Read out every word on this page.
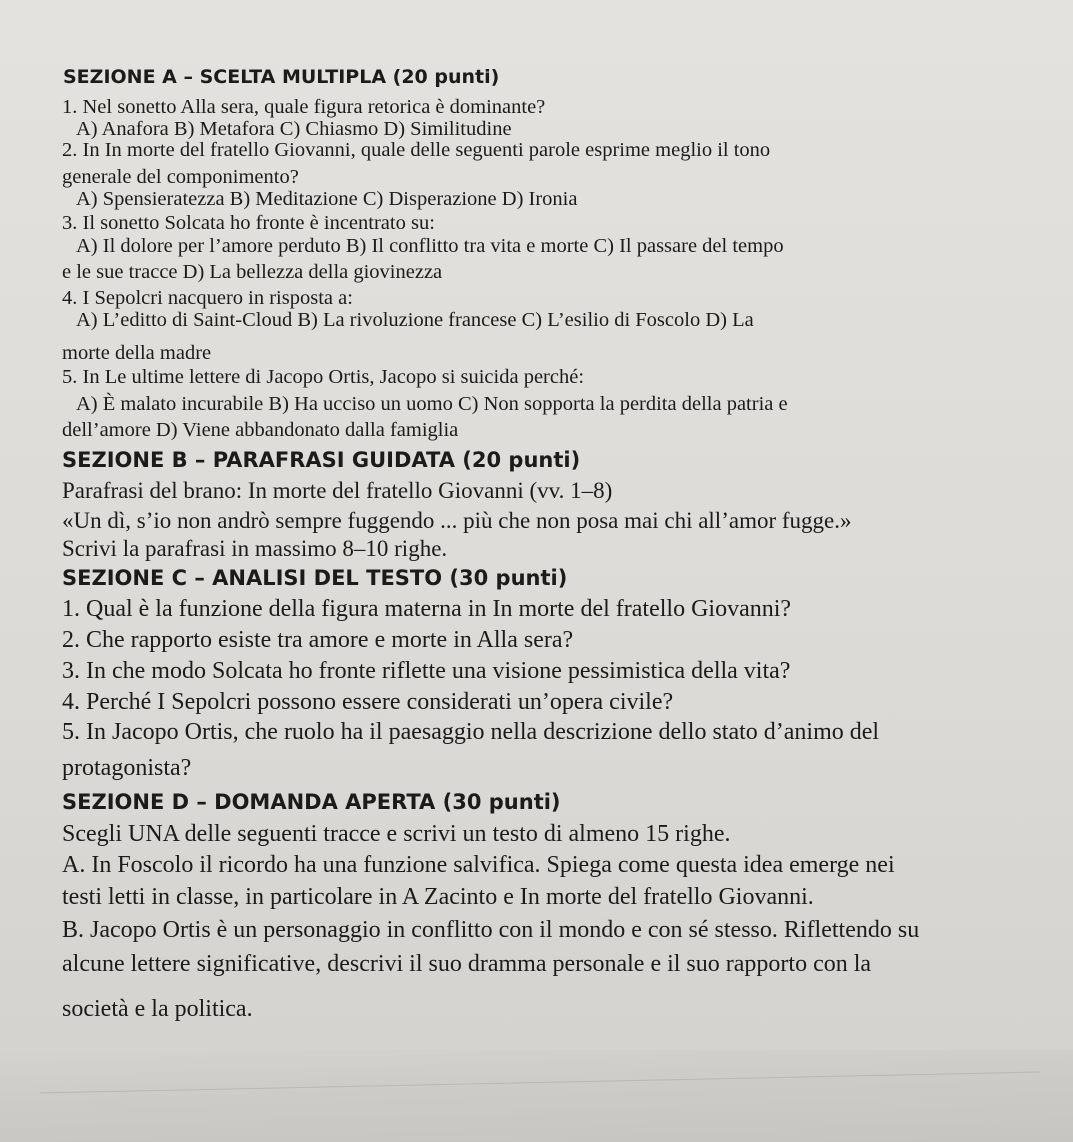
SEZIONE A – SCELTA MULTIPLA (20 punti)
1. Nel sonetto Alla sera, quale figura retorica è dominante?
A) Anafora B) Metafora C) Chiasmo D) Similitudine
2. In In morte del fratello Giovanni, quale delle seguenti parole esprime meglio il tono
generale del componimento?
A) Spensieratezza B) Meditazione C) Disperazione D) Ironia
3. Il sonetto Solcata ho fronte è incentrato su:
A) Il dolore per l’amore perduto B) Il conflitto tra vita e morte C) Il passare del tempo
e le sue tracce D) La bellezza della giovinezza
4. I Sepolcri nacquero in risposta a:
A) L’editto di Saint-Cloud B) La rivoluzione francese C) L’esilio di Foscolo D) La
morte della madre
5. In Le ultime lettere di Jacopo Ortis, Jacopo si suicida perché:
A) È malato incurabile B) Ha ucciso un uomo C) Non sopporta la perdita della patria e
dell’amore D) Viene abbandonato dalla famiglia
SEZIONE B – PARAFRASI GUIDATA (20 punti)
Parafrasi del brano: In morte del fratello Giovanni (vv. 1–8)
«Un dì, s’io non andrò sempre fuggendo ... più che non posa mai chi all’amor fugge.»
Scrivi la parafrasi in massimo 8–10 righe.
SEZIONE C – ANALISI DEL TESTO (30 punti)
1. Qual è la funzione della figura materna in In morte del fratello Giovanni?
2. Che rapporto esiste tra amore e morte in Alla sera?
3. In che modo Solcata ho fronte riflette una visione pessimistica della vita?
4. Perché I Sepolcri possono essere considerati un’opera civile?
5. In Jacopo Ortis, che ruolo ha il paesaggio nella descrizione dello stato d’animo del
protagonista?
SEZIONE D – DOMANDA APERTA (30 punti)
Scegli UNA delle seguenti tracce e scrivi un testo di almeno 15 righe.
A. In Foscolo il ricordo ha una funzione salvifica. Spiega come questa idea emerge nei
testi letti in classe, in particolare in A Zacinto e In morte del fratello Giovanni.
B. Jacopo Ortis è un personaggio in conflitto con il mondo e con sé stesso. Riflettendo su
alcune lettere significative, descrivi il suo dramma personale e il suo rapporto con la
società e la politica.
